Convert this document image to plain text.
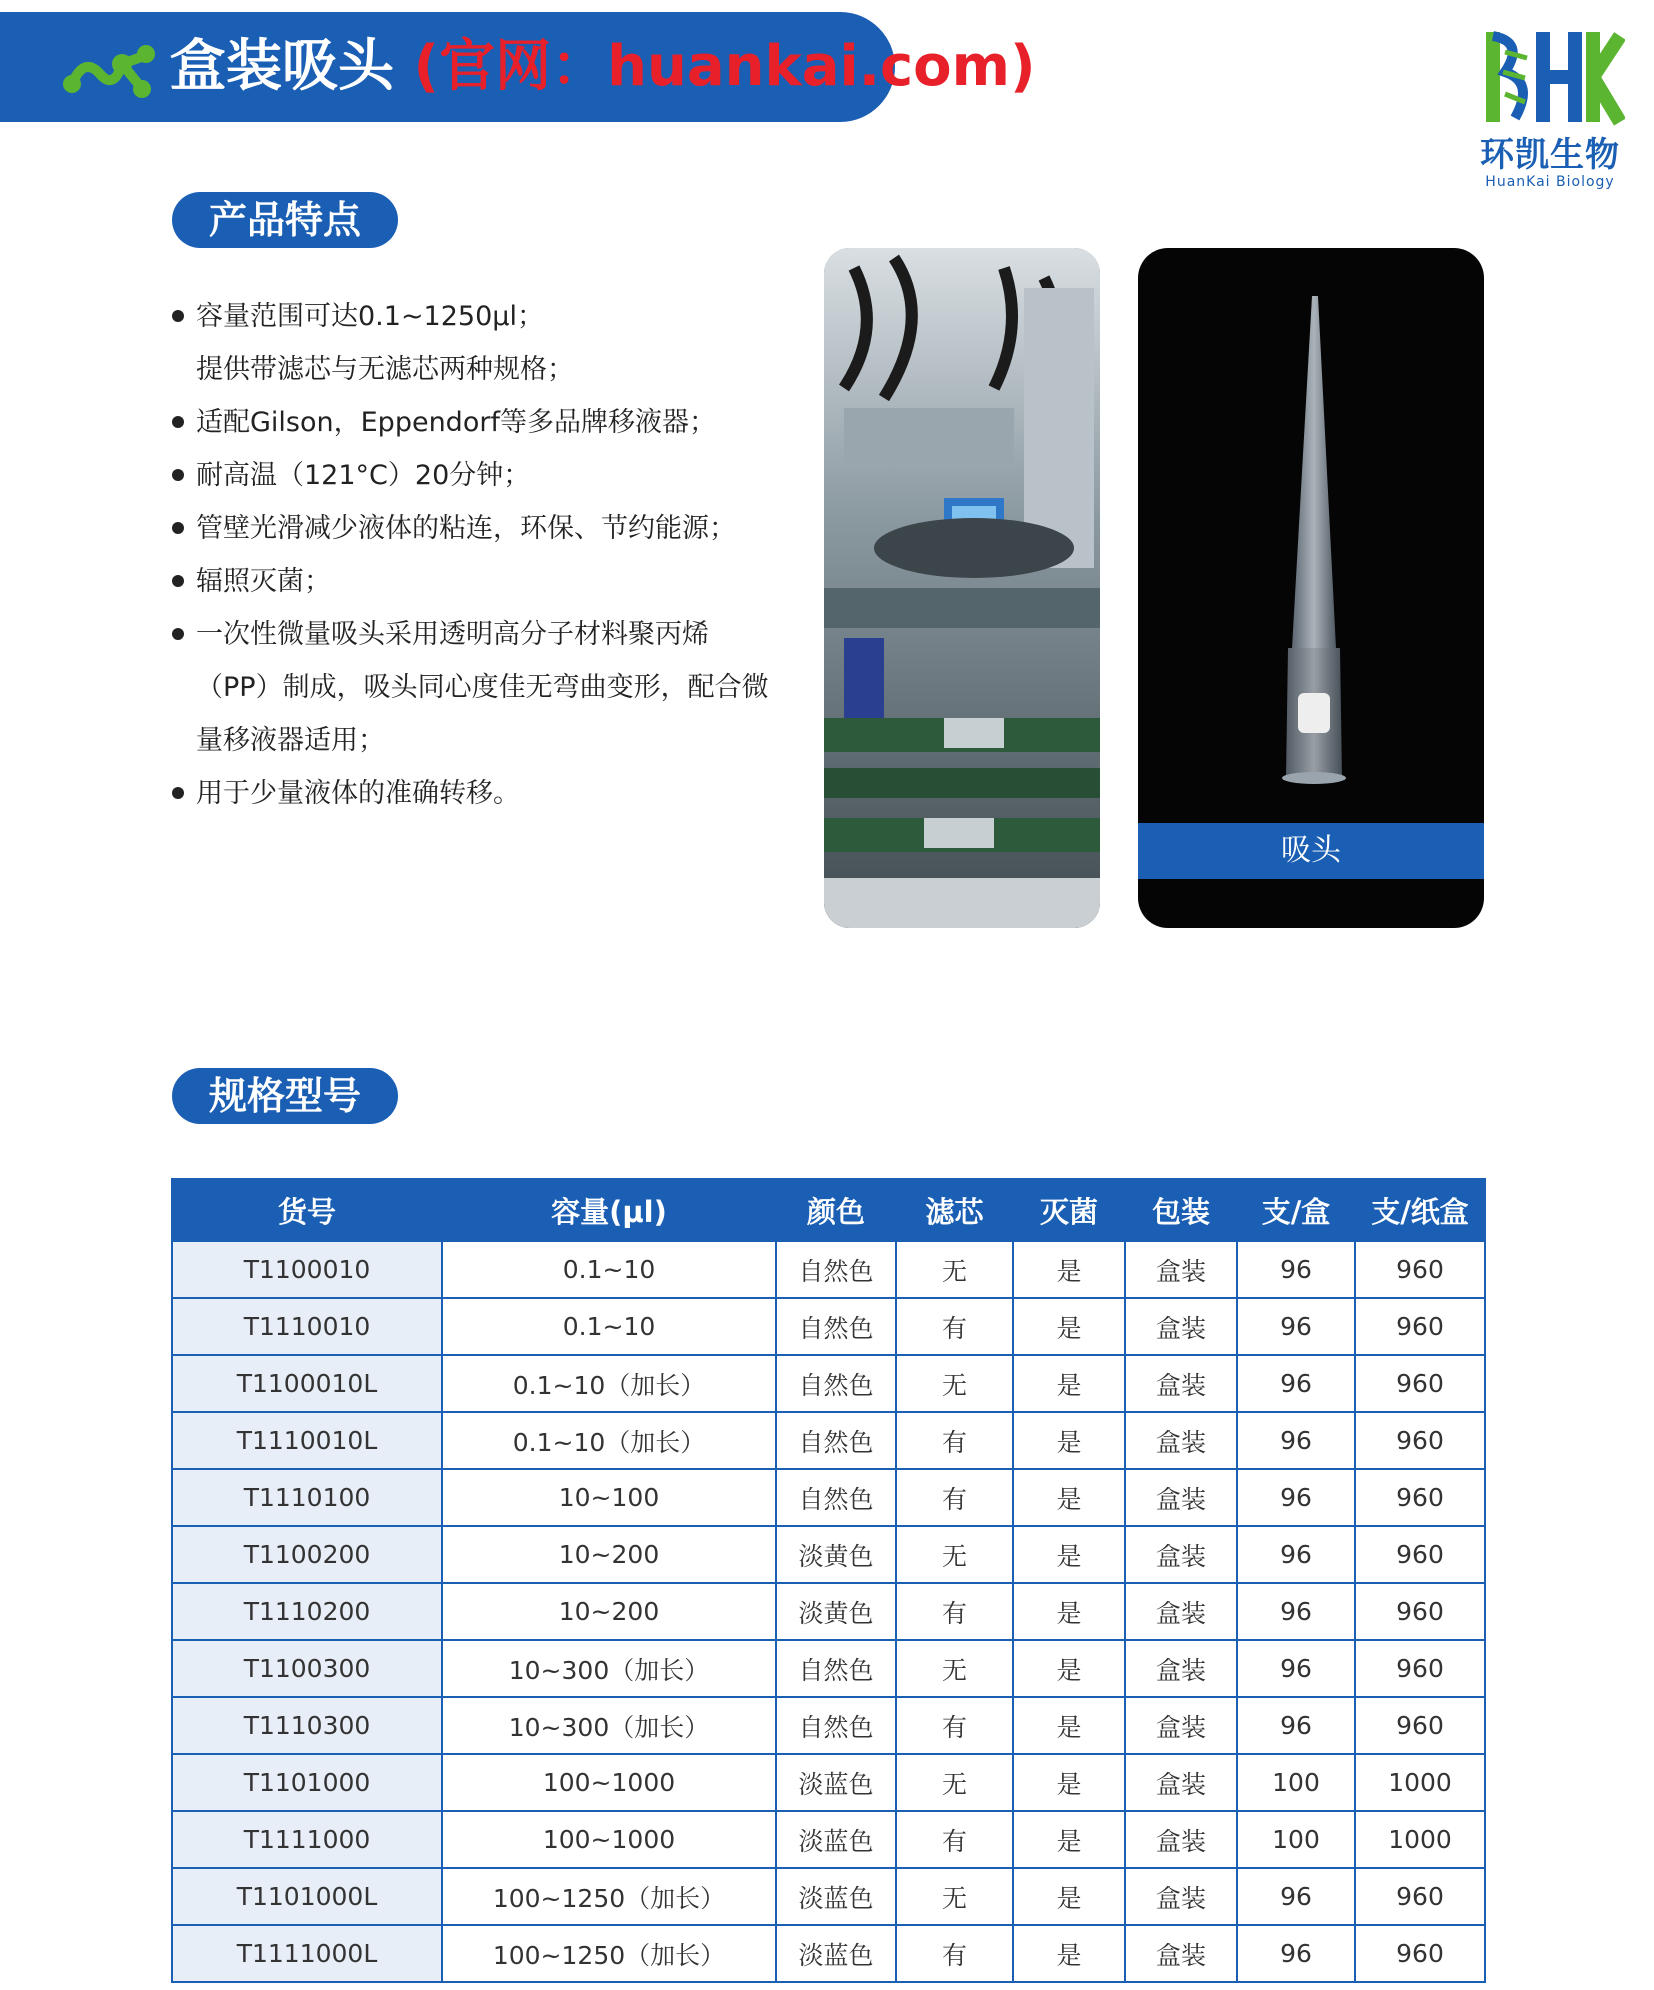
盒装吸头 (官网：huankai.com)
环凯生物
HuanKai Biology
产品特点
容量范围可达0.1~1250μl；
提供带滤芯与无滤芯两种规格；
适配Gilson，Eppendorf等多品牌移液器；
耐高温（121°C）20分钟；
管壁光滑减少液体的粘连，环保、节约能源；
辐照灭菌；
一次性微量吸头采用透明高分子材料聚丙烯
（PP）制成，吸头同心度佳无弯曲变形，配合微
量移液器适用；
用于少量液体的准确转移。
吸头
规格型号
货号	容量(μl)	颜色	滤芯	灭菌	包装	支/盒	支/纸盒
T1100010	0.1~10	自然色	无	是	盒装	96	960
T1110010	0.1~10	自然色	有	是	盒装	96	960
T1100010L	0.1~10（加长）	自然色	无	是	盒装	96	960
T1110010L	0.1~10（加长）	自然色	有	是	盒装	96	960
T1110100	10~100	自然色	有	是	盒装	96	960
T1100200	10~200	淡黄色	无	是	盒装	96	960
T1110200	10~200	淡黄色	有	是	盒装	96	960
T1100300	10~300（加长）	自然色	无	是	盒装	96	960
T1110300	10~300（加长）	自然色	有	是	盒装	96	960
T1101000	100~1000	淡蓝色	无	是	盒装	100	1000
T1111000	100~1000	淡蓝色	有	是	盒装	100	1000
T1101000L	100~1250（加长）	淡蓝色	无	是	盒装	96	960
T1111000L	100~1250（加长）	淡蓝色	有	是	盒装	96	960
